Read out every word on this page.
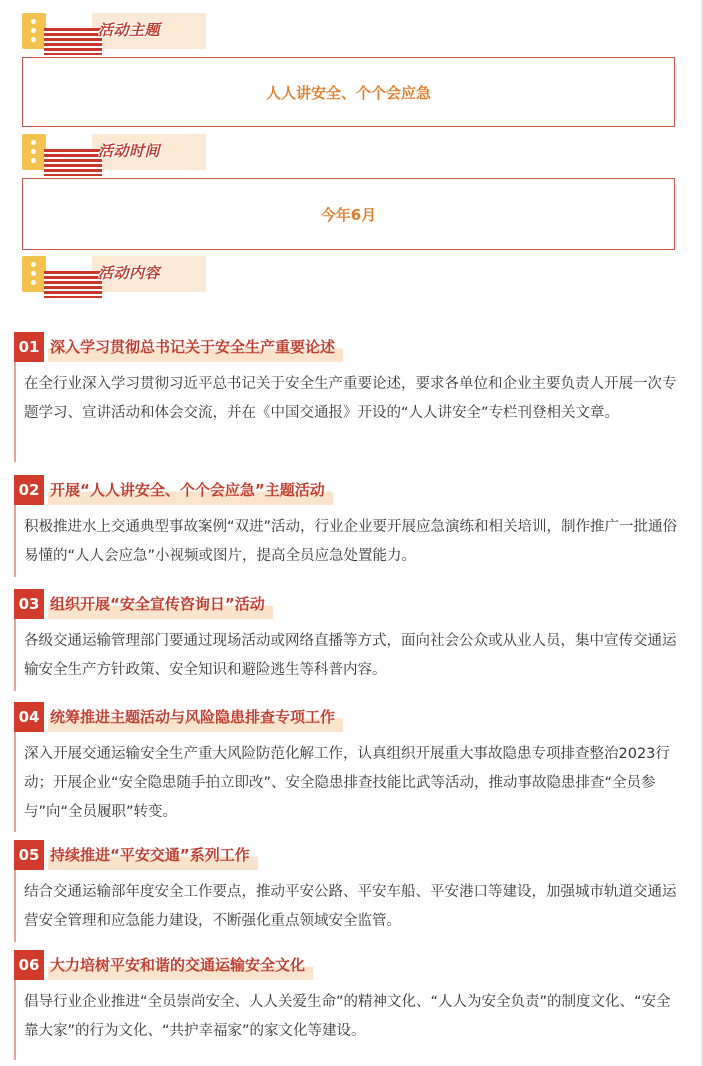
活动主题
人人讲安全、个个会应急
活动时间
今年6月
活动内容
01 深入学习贯彻总书记关于安全生产重要论述
在全行业深入学习贯彻习近平总书记关于安全生产重要论述，要求各单位和企业主要负责人开展一次专题学习、宣讲活动和体会交流，并在《中国交通报》开设的“人人讲安全”专栏刊登相关文章。
02 开展“人人讲安全、个个会应急”主题活动
积极推进水上交通典型事故案例“双进”活动，行业企业要开展应急演练和相关培训，制作推广一批通俗易懂的“人人会应急”小视频或图片，提高全员应急处置能力。
03 组织开展“安全宣传咨询日”活动
各级交通运输管理部门要通过现场活动或网络直播等方式，面向社会公众或从业人员，集中宣传交通运输安全生产方针政策、安全知识和避险逃生等科普内容。
04 统筹推进主题活动与风险隐患排查专项工作
深入开展交通运输安全生产重大风险防范化解工作，认真组织开展重大事故隐患专项排查整治2023行动；开展企业“安全隐患随手拍立即改”、安全隐患排查技能比武等活动，推动事故隐患排查“全员参与”向“全员履职”转变。
05 持续推进“平安交通”系列工作
结合交通运输部年度安全工作要点，推动平安公路、平安车船、平安港口等建设，加强城市轨道交通运营安全管理和应急能力建设，不断强化重点领域安全监管。
06 大力培树平安和谐的交通运输安全文化
倡导行业企业推进“全员崇尚安全、人人关爱生命”的精神文化、“人人为安全负责”的制度文化、“安全靠大家”的行为文化、“共护幸福家”的家文化等建设。
